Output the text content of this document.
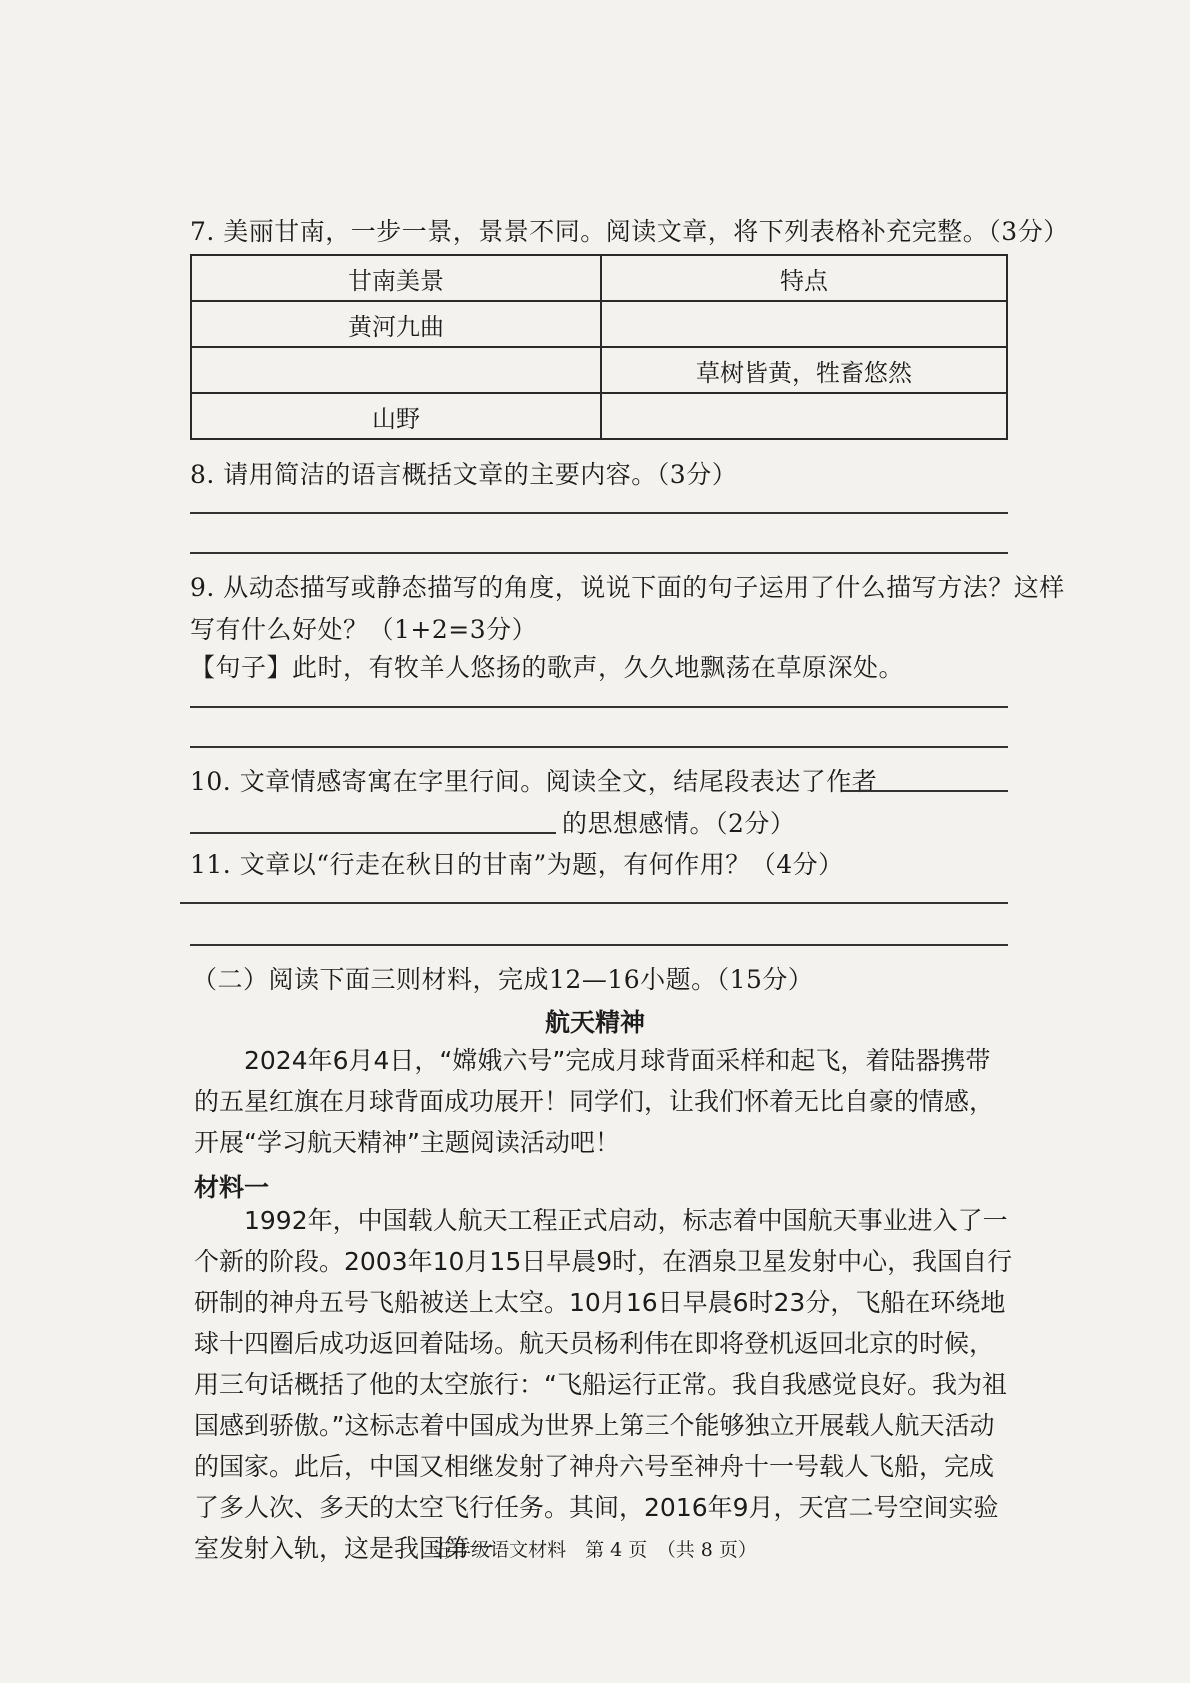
7. 美丽甘南，一步一景，景景不同。阅读文章，将下列表格补充完整。（3分）
甘南美景	特点
黄河九曲	
	草树皆黄，牲畜悠然
山野	
8. 请用简洁的语言概括文章的主要内容。（3分）
9. 从动态描写或静态描写的角度，说说下面的句子运用了什么描写方法？这样
写有什么好处？（1+2=3分）
【句子】此时，有牧羊人悠扬的歌声，久久地飘荡在草原深处。
10. 文章情感寄寓在字里行间。阅读全文，结尾段表达了作者
的思想感情。（2分）
11. 文章以“行走在秋日的甘南”为题，有何作用？（4分）
（二）阅读下面三则材料，完成12—16小题。（15分）
航天精神
2024年6月4日，“嫦娥六号”完成月球背面采样和起飞，着陆器携带的五星红旗在月球背面成功展开！同学们，让我们怀着无比自豪的情感，开展“学习航天精神”主题阅读活动吧！
材料一
1992年，中国载人航天工程正式启动，标志着中国航天事业进入了一个新的阶段。2003年10月15日早晨9时，在酒泉卫星发射中心，我国自行研制的神舟五号飞船被送上太空。10月16日早晨6时23分，飞船在环绕地球十四圈后成功返回着陆场。航天员杨利伟在即将登机返回北京的时候，用三句话概括了他的太空旅行：“飞船运行正常。我自我感觉良好。我为祖国感到骄傲。”这标志着中国成为世界上第三个能够独立开展载人航天活动的国家。此后，中国又相继发射了神舟六号至神舟十一号载人飞船，完成了多人次、多天的太空飞行任务。其间，2016年9月，天宫二号空间实验室发射入轨，这是我国第一
五年级语文材料　第 4 页　（共 8 页）
